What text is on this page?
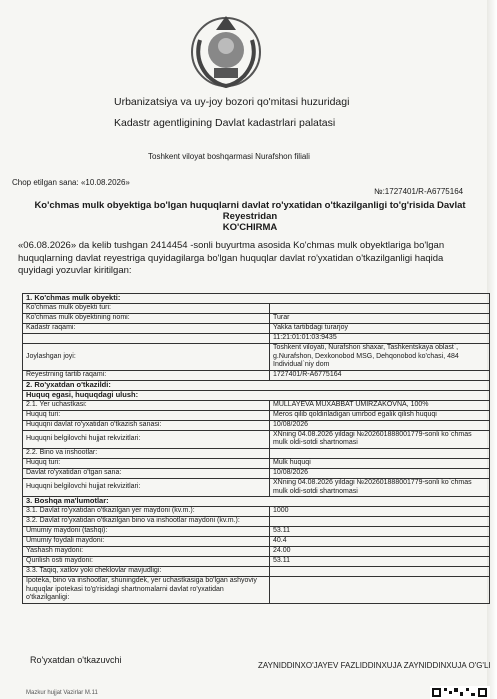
Urbanizatsiya va uy-joy bozori qo'mitasi huzuridagi
Kadastr agentligining Davlat kadastrlari palatasi
Toshkent viloyat boshqarmasi Nurafshon filiali
Chop etilgan sana: «10.08.2026»
№:1727401/R-A6775164
Ko'chmas mulk obyektiga bo'lgan huquqlarni davlat ro'yxatidan o'tkazilganligi to'g'risida Davlat
Reyestridan
KO'CHIRMA
«06.08.2026» da kelib tushgan 2414454 -sonli buyurtma asosida Ko'chmas mulk obyektlariga bo'lgan huquqlarning davlat reyestriga quyidagilarga bo'lgan huquqlar davlat ro'yxatidan o'tkazilganligi haqida quyidagi yozuvlar kiritilgan:
1. Ko'chmas mulk obyekti:	
Ko'chmas mulk obyekti turi:	
Ko'chmas mulk obyektining nomi:	Turar
Kadastr raqami:	Yakka tartibdagi turarjoy
	11:21:01:01:03:9435
Joylashgan joyi:	Toshkent viloyati, Nurafshon shaxar, Tashkentskaya oblast`, g.Nurafshon, Dexkonobod MSG, Dehqonobod ko'chasi, 484 Individual`niy dom
Reyestrning tartib raqami:	1727401/R-A6775164
2. Ro'yxatdan o'tkazildi:	
Huquq egasi, huquqdagi ulush:	
2.1. Yer uchastkasi:	MULLAYEVA MUXABBAT UMIRZAKOVNA, 100%
Huquq turi:	Meros qilib qoldiriladigan umrbod egalik qilish huquqi
Huquqni davlat ro'yxatidan o'tkazish sanasi:	10/08/2026
Huquqni belgilovchi hujjat rekvizitlari:	XNning 04.08.2026 yildagi №202601888001779-sonli ko`chmas mulk oldi-sotdi shartnomasi
2.2. Bino va inshootlar:	
Huquq turi:	Mulk huquqi
Davlat ro'yxatidan o'tgan sana:	10/08/2026
Huquqni belgilovchi hujjat rekvizitlari:	XNning 04.08.2026 yildagi №202601888001779-sonli ko`chmas mulk oldi-sotdi shartnomasi
3. Boshqa ma'lumotlar:	
3.1. Davlat ro'yxatidan o'tkazilgan yer maydoni (kv.m.):	1000
3.2. Davlat ro'yxatidan o'tkazilgan bino va inshootlar maydoni (kv.m.):	
Umumiy maydoni (tashqi):	53.11
Umumiy foydali maydoni:	40.4
Yashash maydoni:	24.00
Qurilish osti maydoni:	53.11
3.3. Taqiq, xatlov yoki cheklovlar mavjudligi:	
Ipoteka, bino va inshootlar, shuningdek, yer uchastkasiga bo'lgan ashyoviy huquqlar ipotekasi to'g'risidagi shartnomalarni davlat ro'yxatidan o'tkazilganligi:	
Ro'yxatdan o'tkazuvchi
ZAYNIDDINXO'JAYEV FAZLIDDINXUJA ZAYNIDDINXUJA O'G'LI
Mazkur hujjat Vazirlar M.11
